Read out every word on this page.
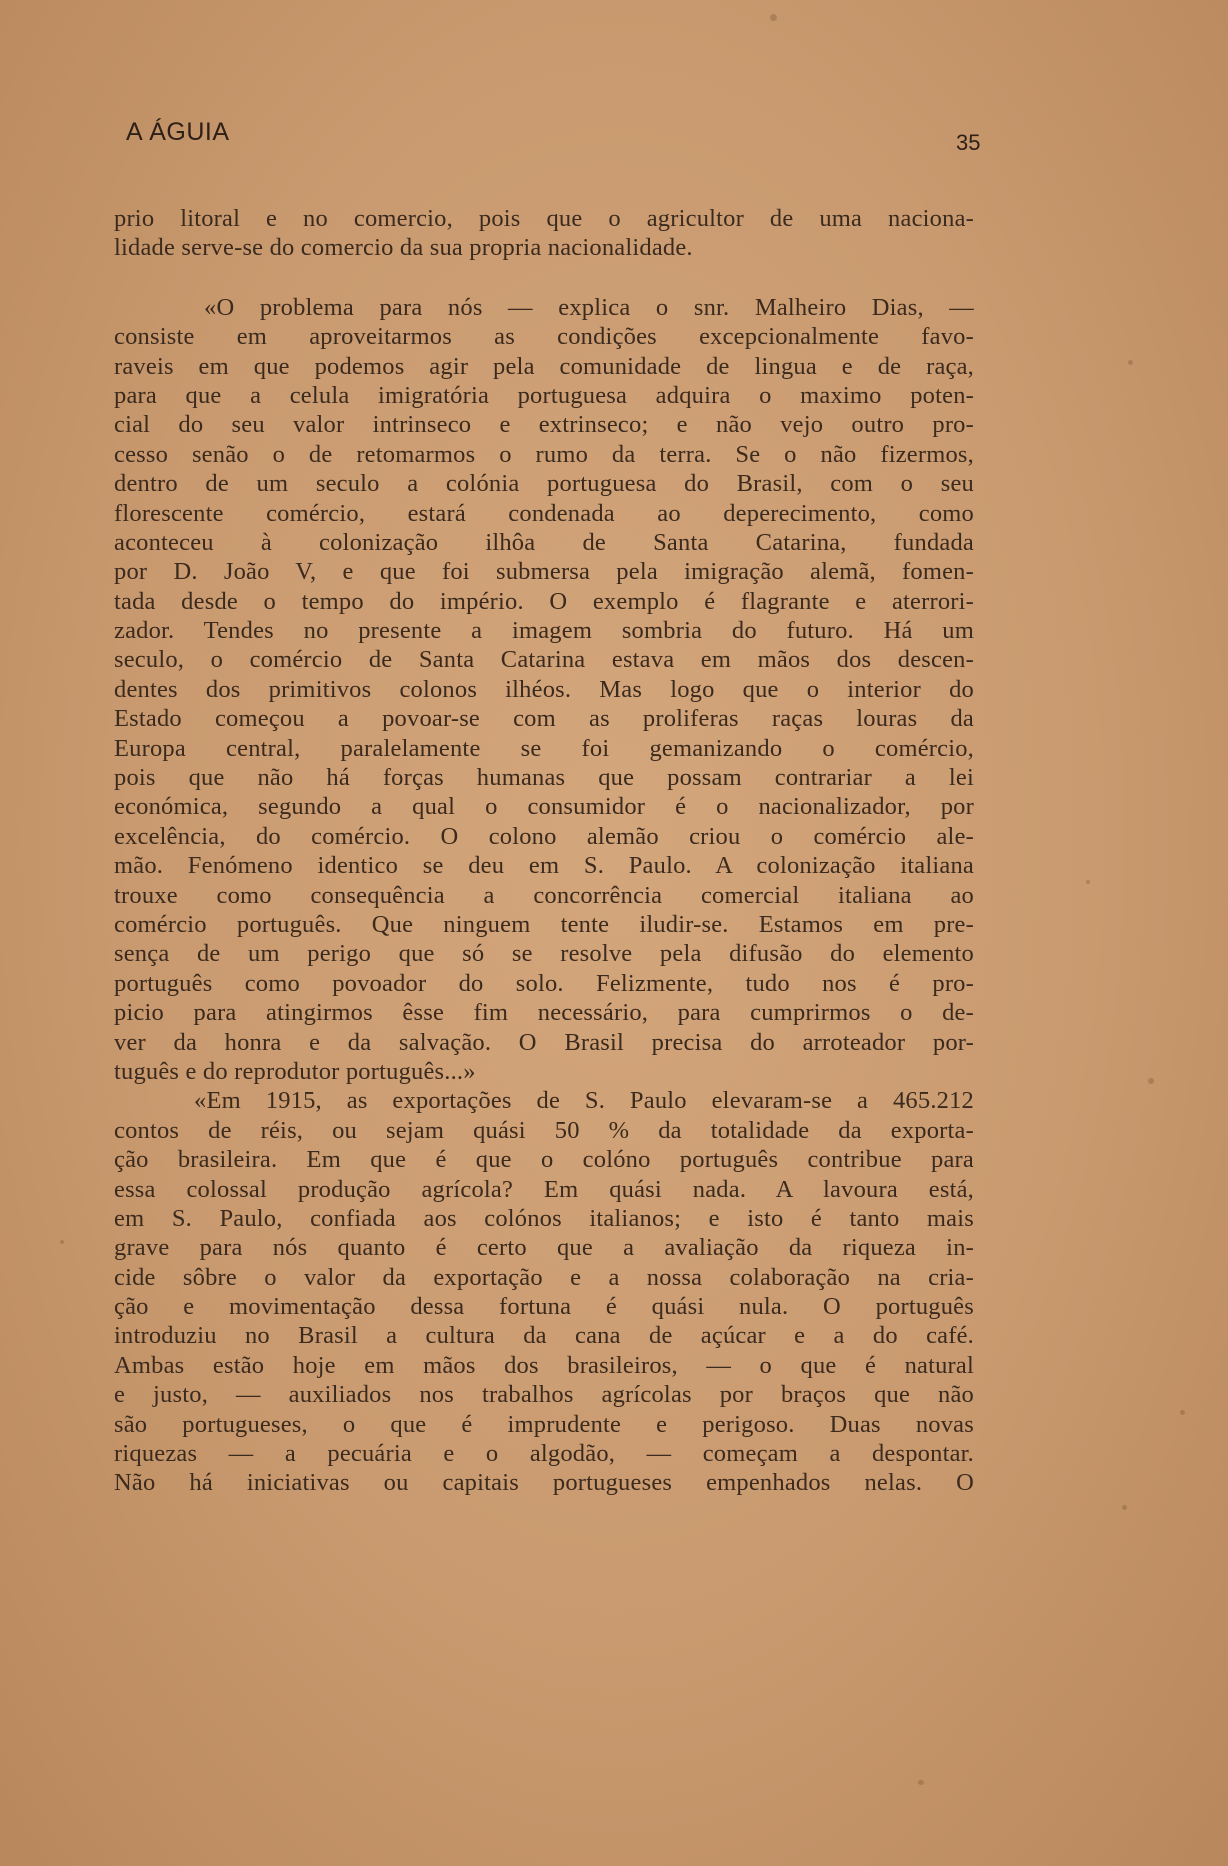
A ÁGUIA	35
prio litoral e no comercio, pois que o agricultor de uma naciona-
lidade serve-se do comercio da sua propria nacionalidade.
«O problema para nós — explica o snr. Malheiro Dias, —
consiste em aproveitarmos as condições excepcionalmente favo-
raveis em que podemos agir pela comunidade de lingua e de raça,
para que a celula imigratória portuguesa adquira o maximo poten-
cial do seu valor intrinseco e extrinseco; e não vejo outro pro-
cesso senão o de retomarmos o rumo da terra. Se o não fizermos,
dentro de um seculo a colónia portuguesa do Brasil, com o seu
florescente comércio, estará condenada ao deperecimento, como
aconteceu à colonização ilhôa de Santa Catarina, fundada
por D. João V, e que foi submersa pela imigração alemã, fomen-
tada desde o tempo do império. O exemplo é flagrante e aterrori-
zador. Tendes no presente a imagem sombria do futuro. Há um
seculo, o comércio de Santa Catarina estava em mãos dos descen-
dentes dos primitivos colonos ilhéos. Mas logo que o interior do
Estado começou a povoar-se com as proliferas raças louras da
Europa central, paralelamente se foi gemanizando o comércio,
pois que não há forças humanas que possam contrariar a lei
económica, segundo a qual o consumidor é o nacionalizador, por
excelência, do comércio. O colono alemão criou o comércio ale-
mão. Fenómeno identico se deu em S. Paulo. A colonização italiana
trouxe como consequência a concorrência comercial italiana ao
comércio português. Que ninguem tente iludir-se. Estamos em pre-
sença de um perigo que só se resolve pela difusão do elemento
português como povoador do solo. Felizmente, tudo nos é pro-
picio para atingirmos êsse fim necessário, para cumprirmos o de-
ver da honra e da salvação. O Brasil precisa do arroteador por-
tuguês e do reprodutor português...»
«Em 1915, as exportações de S. Paulo elevaram-se a 465.212
contos de réis, ou sejam quási 50 % da totalidade da exporta-
ção brasileira. Em que é que o colóno português contribue para
essa colossal produção agrícola? Em quási nada. A lavoura está,
em S. Paulo, confiada aos colónos italianos; e isto é tanto mais
grave para nós quanto é certo que a avaliação da riqueza in-
cide sôbre o valor da exportação e a nossa colaboração na cria-
ção e movimentação dessa fortuna é quási nula. O português
introduziu no Brasil a cultura da cana de açúcar e a do café.
Ambas estão hoje em mãos dos brasileiros, — o que é natural
e justo, — auxiliados nos trabalhos agrícolas por braços que não
são portugueses, o que é imprudente e perigoso. Duas novas
riquezas — a pecuária e o algodão, — começam a despontar.
Não há iniciativas ou capitais portugueses empenhados nelas. O
